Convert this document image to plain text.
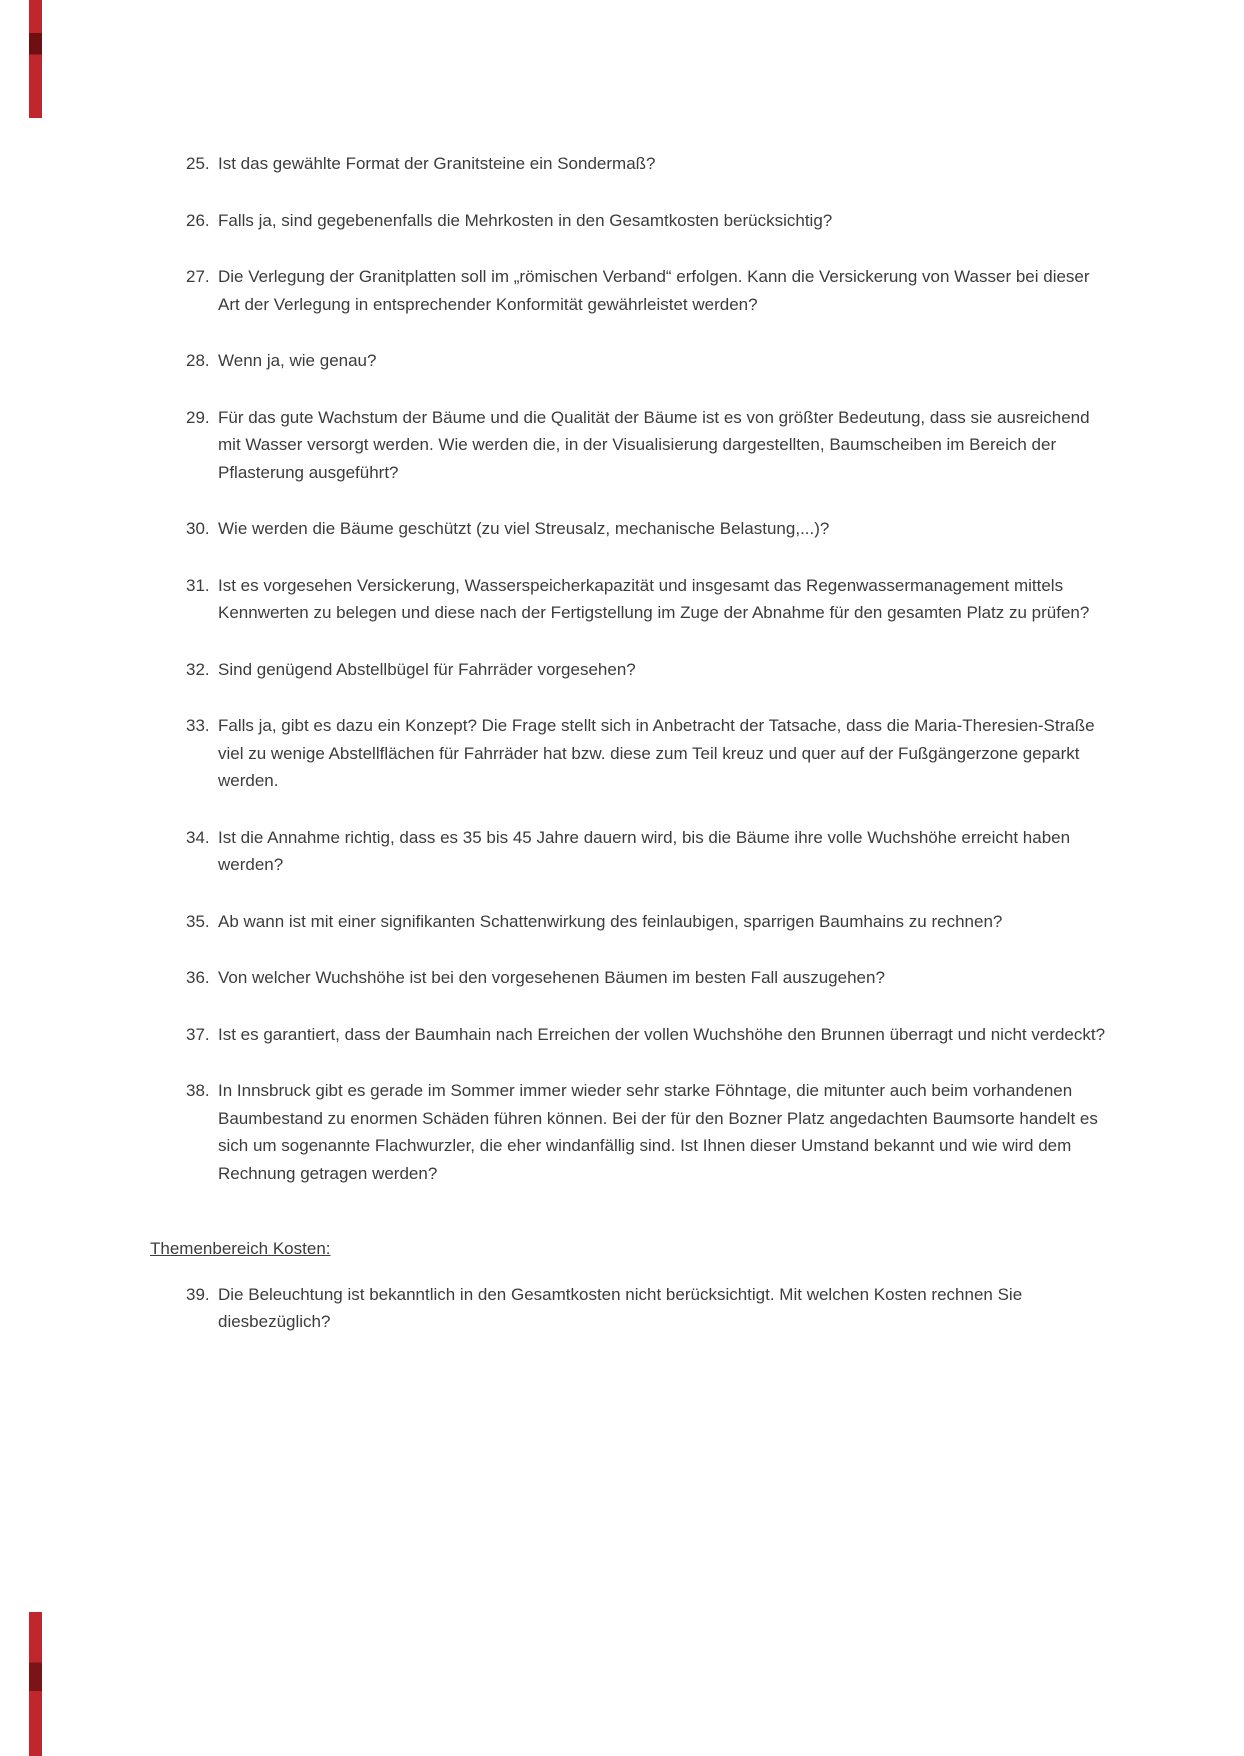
25. Ist das gewählte Format der Granitsteine ein Sondermaß?
26. Falls ja, sind gegebenenfalls die Mehrkosten in den Gesamtkosten berücksichtig?
27. Die Verlegung der Granitplatten soll im „römischen Verband“ erfolgen. Kann die Versickerung von Wasser bei dieser Art der Verlegung in entsprechender Konformität gewährleistet werden?
28. Wenn ja, wie genau?
29. Für das gute Wachstum der Bäume und die Qualität der Bäume ist es von größter Bedeutung, dass sie ausreichend mit Wasser versorgt werden. Wie werden die, in der Visualisierung dargestellten, Baumscheiben im Bereich der Pflasterung ausgeführt?
30. Wie werden die Bäume geschützt (zu viel Streusalz, mechanische Belastung,...)?
31. Ist es vorgesehen Versickerung, Wasserspeicherkapazität und insgesamt das Regenwassermanagement mittels Kennwerten zu belegen und diese nach der Fertigstellung im Zuge der Abnahme für den gesamten Platz zu prüfen?
32. Sind genügend Abstellbügel für Fahrräder vorgesehen?
33. Falls ja, gibt es dazu ein Konzept? Die Frage stellt sich in Anbetracht der Tatsache, dass die Maria-Theresien-Straße viel zu wenige Abstellflächen für Fahrräder hat bzw. diese zum Teil kreuz und quer auf der Fußgängerzone geparkt werden.
34. Ist die Annahme richtig, dass es 35 bis 45 Jahre dauern wird, bis die Bäume ihre volle Wuchshöhe erreicht haben werden?
35. Ab wann ist mit einer signifikanten Schattenwirkung des feinlaubigen, sparrigen Baumhains zu rechnen?
36. Von welcher Wuchshöhe ist bei den vorgesehenen Bäumen im besten Fall auszugehen?
37. Ist es garantiert, dass der Baumhain nach Erreichen der vollen Wuchshöhe den Brunnen überragt und nicht verdeckt?
38. In Innsbruck gibt es gerade im Sommer immer wieder sehr starke Föhntage, die mitunter auch beim vorhandenen Baumbestand zu enormen Schäden führen können. Bei der für den Bozner Platz angedachten Baumsorte handelt es sich um sogenannte Flachwurzler, die eher windanfällig sind. Ist Ihnen dieser Umstand bekannt und wie wird dem Rechnung getragen werden?
Themenbereich Kosten:
39. Die Beleuchtung ist bekanntlich in den Gesamtkosten nicht berücksichtigt. Mit welchen Kosten rechnen Sie diesbezüglich?
